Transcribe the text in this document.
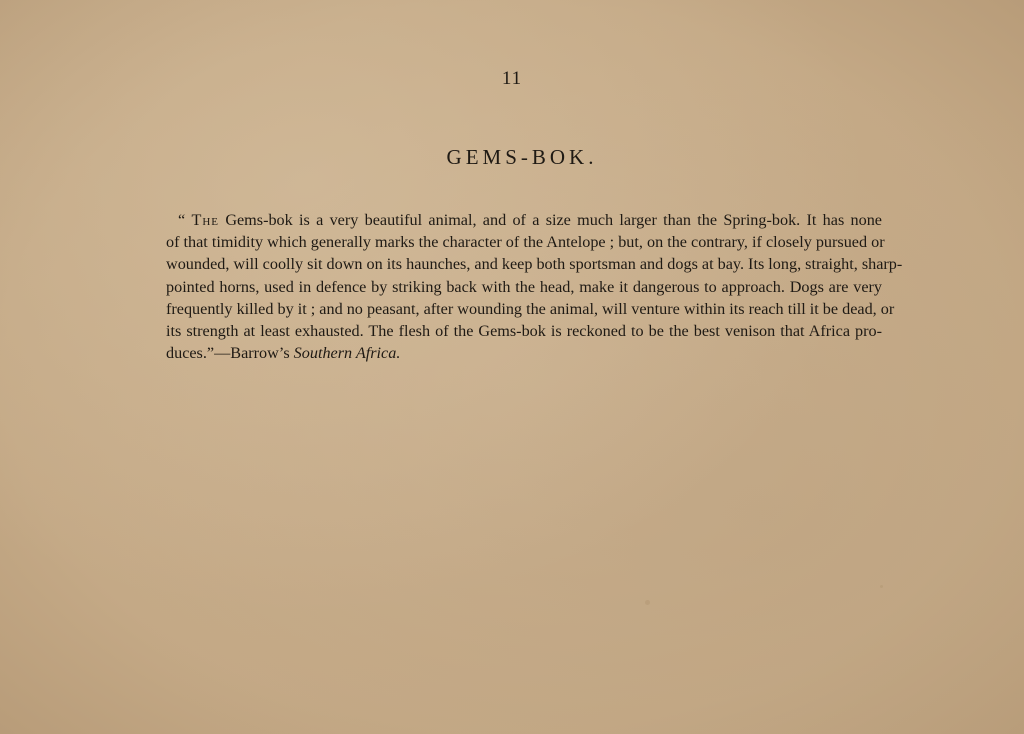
11
GEMS-BOK.
“ The Gems-bok is a very beautiful animal, and of a size much larger than the Spring-bok. It has none
of that timidity which generally marks the character of the Antelope ; but, on the contrary, if closely pursued or
wounded, will coolly sit down on its haunches, and keep both sportsman and dogs at bay. Its long, straight, sharp-
pointed horns, used in defence by striking back with the head, make it dangerous to approach. Dogs are very
frequently killed by it ; and no peasant, after wounding the animal, will venture within its reach till it be dead, or
its strength at least exhausted. The flesh of the Gems-bok is reckoned to be the best venison that Africa pro-
duces.”—Barrow’s Southern Africa.
